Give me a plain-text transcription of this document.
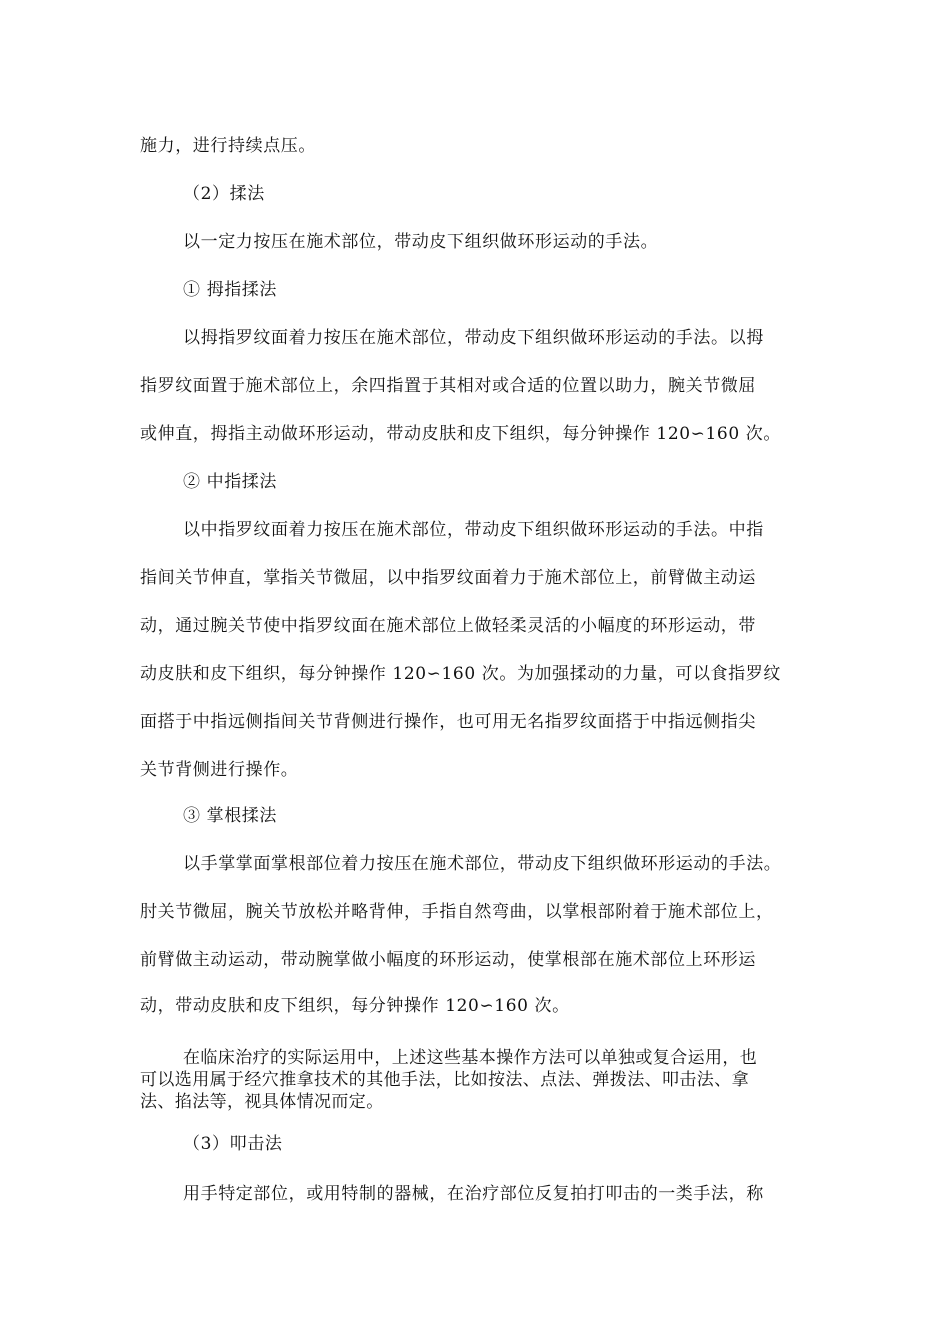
施力，进行持续点压。
（2）揉法
以一定力按压在施术部位，带动皮下组织做环形运动的手法。
① 拇指揉法
以拇指罗纹面着力按压在施术部位，带动皮下组织做环形运动的手法。以拇
指罗纹面置于施术部位上，余四指置于其相对或合适的位置以助力，腕关节微屈
或伸直，拇指主动做环形运动，带动皮肤和皮下组织，每分钟操作 120∽160 次。
② 中指揉法
以中指罗纹面着力按压在施术部位，带动皮下组织做环形运动的手法。中指
指间关节伸直，掌指关节微屈，以中指罗纹面着力于施术部位上，前臂做主动运
动，通过腕关节使中指罗纹面在施术部位上做轻柔灵活的小幅度的环形运动，带
动皮肤和皮下组织，每分钟操作 120∽160 次。为加强揉动的力量，可以食指罗纹
面搭于中指远侧指间关节背侧进行操作，也可用无名指罗纹面搭于中指远侧指尖
关节背侧进行操作。
③ 掌根揉法
以手掌掌面掌根部位着力按压在施术部位，带动皮下组织做环形运动的手法。
肘关节微屈，腕关节放松并略背伸，手指自然弯曲，以掌根部附着于施术部位上，
前臂做主动运动，带动腕掌做小幅度的环形运动，使掌根部在施术部位上环形运
动，带动皮肤和皮下组织，每分钟操作 120∽160 次。
在临床治疗的实际运用中，上述这些基本操作方法可以单独或复合运用，也
可以选用属于经穴推拿技术的其他手法，比如按法、点法、弹拨法、叩击法、拿
法、掐法等，视具体情况而定。
（3）叩击法
用手特定部位，或用特制的器械，在治疗部位反复拍打叩击的一类手法，称
